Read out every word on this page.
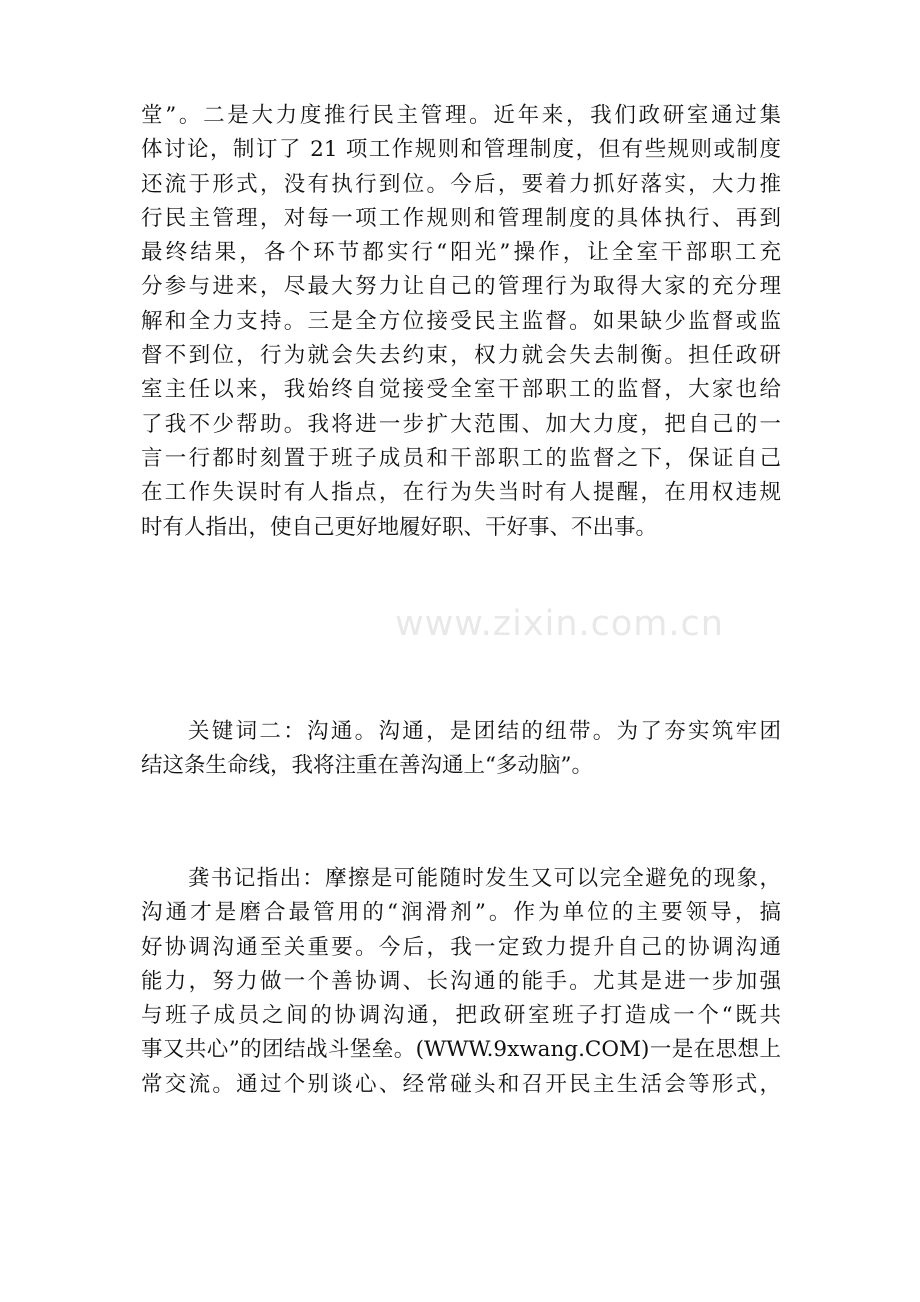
www.zixin.com.cn
堂”。二是大力度推行民主管理。近年来，我们政研室通过集
体讨论，制订了 21 项工作规则和管理制度，但有些规则或制度
还流于形式，没有执行到位。今后，要着力抓好落实，大力推
行民主管理，对每一项工作规则和管理制度的具体执行、再到
最终结果，各个环节都实行“阳光”操作，让全室干部职工充
分参与进来，尽最大努力让自己的管理行为取得大家的充分理
解和全力支持。三是全方位接受民主监督。如果缺少监督或监
督不到位，行为就会失去约束，权力就会失去制衡。担任政研
室主任以来，我始终自觉接受全室干部职工的监督，大家也给
了我不少帮助。我将进一步扩大范围、加大力度，把自己的一
言一行都时刻置于班子成员和干部职工的监督之下，保证自己
在工作失误时有人指点，在行为失当时有人提醒，在用权违规
时有人指出，使自己更好地履好职、干好事、不出事。
关键词二：沟通。沟通，是团结的纽带。为了夯实筑牢团
结这条生命线，我将注重在善沟通上“多动脑”。
龚书记指出：摩擦是可能随时发生又可以完全避免的现象，
沟通才是磨合最管用的“润滑剂”。作为单位的主要领导，搞
好协调沟通至关重要。今后，我一定致力提升自己的协调沟通
能力，努力做一个善协调、长沟通的能手。尤其是进一步加强
与班子成员之间的协调沟通，把政研室班子打造成一个“既共
事又共心”的团结战斗堡垒。(WWW.9xwang.COM)一是在思想上
常交流。通过个别谈心、经常碰头和召开民主生活会等形式，
